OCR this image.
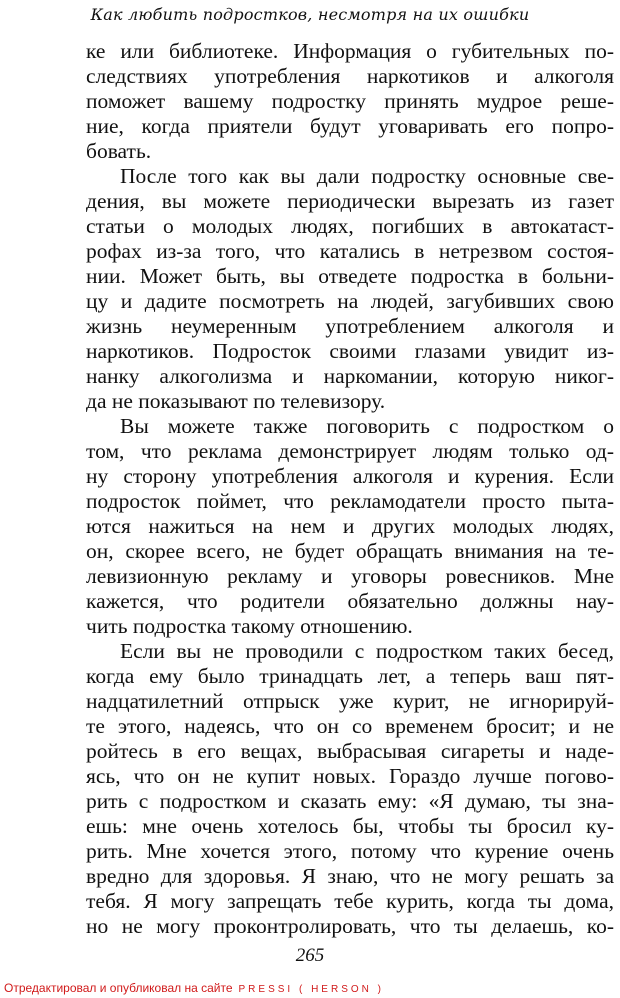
Как любить подростков, несмотря на их ошибки
ке или библиотеке. Информация о губительных по-
следствиях употребления наркотиков и алкоголя
поможет вашему подростку принять мудрое реше-
ние, когда приятели будут уговаривать его попро-
бовать.
После того как вы дали подростку основные све-
дения, вы можете периодически вырезать из газет
статьи о молодых людях, погибших в автокатаст-
рофах из-за того, что катались в нетрезвом состоя-
нии. Может быть, вы отведете подростка в больни-
цу и дадите посмотреть на людей, загубивших свою
жизнь неумеренным употреблением алкоголя и
наркотиков. Подросток своими глазами увидит из-
нанку алкоголизма и наркомании, которую никог-
да не показывают по телевизору.
Вы можете также поговорить с подростком о
том, что реклама демонстрирует людям только од-
ну сторону употребления алкоголя и курения. Если
подросток поймет, что рекламодатели просто пыта-
ются нажиться на нем и других молодых людях,
он, скорее всего, не будет обращать внимания на те-
левизионную рекламу и уговоры ровесников. Мне
кажется, что родители обязательно должны нау-
чить подростка такому отношению.
Если вы не проводили с подростком таких бесед,
когда ему было тринадцать лет, а теперь ваш пят-
надцатилетний отпрыск уже курит, не игнорируй-
те этого, надеясь, что он со временем бросит; и не
ройтесь в его вещах, выбрасывая сигареты и наде-
ясь, что он не купит новых. Гораздо лучше погово-
рить с подростком и сказать ему: «Я думаю, ты зна-
ешь: мне очень хотелось бы, чтобы ты бросил ку-
рить. Мне хочется этого, потому что курение очень
вредно для здоровья. Я знаю, что не могу решать за
тебя. Я могу запрещать тебе курить, когда ты дома,
но не могу проконтролировать, что ты делаешь, ко-
265
Отредактировал и опубликовал на сайте PRESSI ( HERSON )
